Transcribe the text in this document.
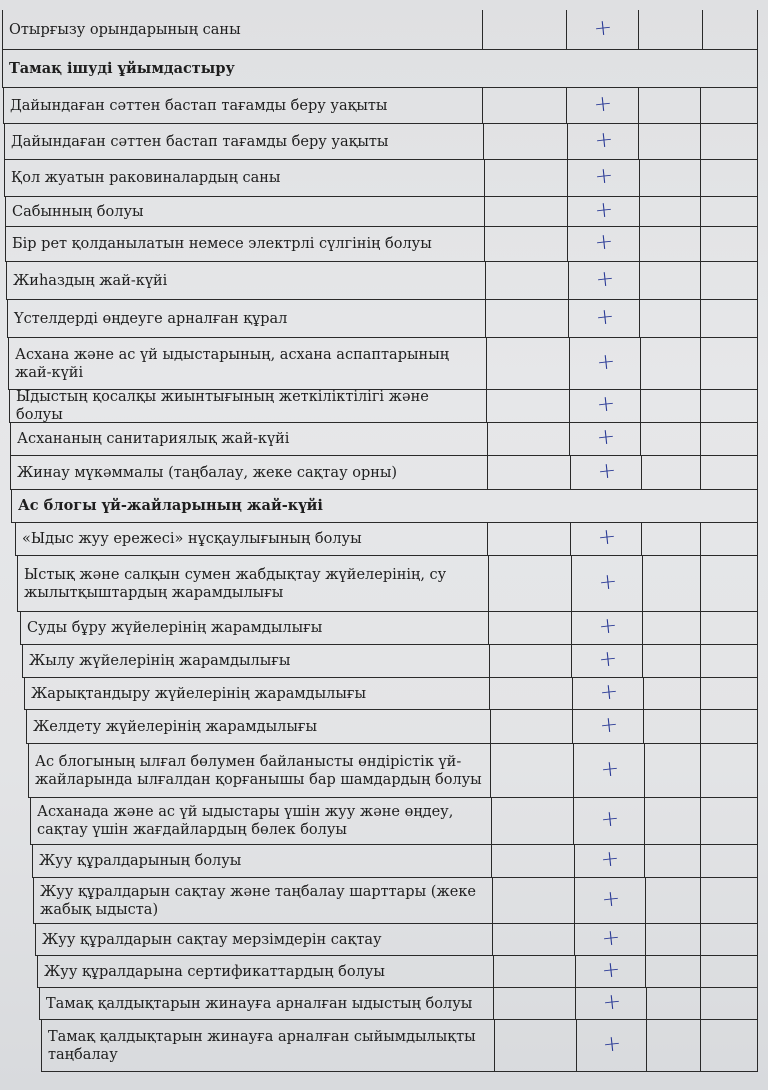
Отырғызу орындарының саны	+
Тамақ ішуді ұйымдастыру
Дайындаған сәттен бастап тағамды беру уақыты	+
Дайындаған сәттен бастап тағамды беру уақыты	+
Қол жуатын раковиналардың саны	+
Сабынның болуы	+
Бір рет қолданылатын немесе электрлі сүлгінің болуы	+
Жиһаздың жай-күйі	+
Үстелдерді өңдеуге арналған құрал	+
Асхана және ас үй ыдыстарының, асхана аспаптарының жай-күйі	+
Ыдыстың қосалқы жиынтығының жеткіліктілігі және болуы	+
Асхананың санитариялық жай-күйі	+
Жинау мүкәммалы (таңбалау, жеке сақтау орны)	+
Ас блогы үй-жайларының жай-күйі
«Ыдыс жуу ережесі» нұсқаулығының болуы	+
Ыстық және салқын сумен жабдықтау жүйелерінің, су жылытқыштардың жарамдылығы	+
Суды бұру жүйелерінің жарамдылығы	+
Жылу жүйелерінің жарамдылығы	+
Жарықтандыру жүйелерінің жарамдылығы	+
Желдету жүйелерінің жарамдылығы	+
Ас блогының ылғал бөлумен байланысты өндірістік үй-жайларында ылғалдан қорғанышы бар шамдардың болуы	+
Асханада және ас үй ыдыстары үшін жуу және өңдеу, сақтау үшін жағдайлардың бөлек болуы	+
Жуу құралдарының болуы	+
Жуу құралдарын сақтау және таңбалау шарттары (жеке жабық ыдыста)	+
Жуу құралдарын сақтау мерзімдерін сақтау	+
Жуу құралдарына сертификаттардың болуы	+
Тамақ қалдықтарын жинауға арналған ыдыстың болуы	+
Тамақ қалдықтарын жинауға арналған сыйымдылықты таңбалау	+
